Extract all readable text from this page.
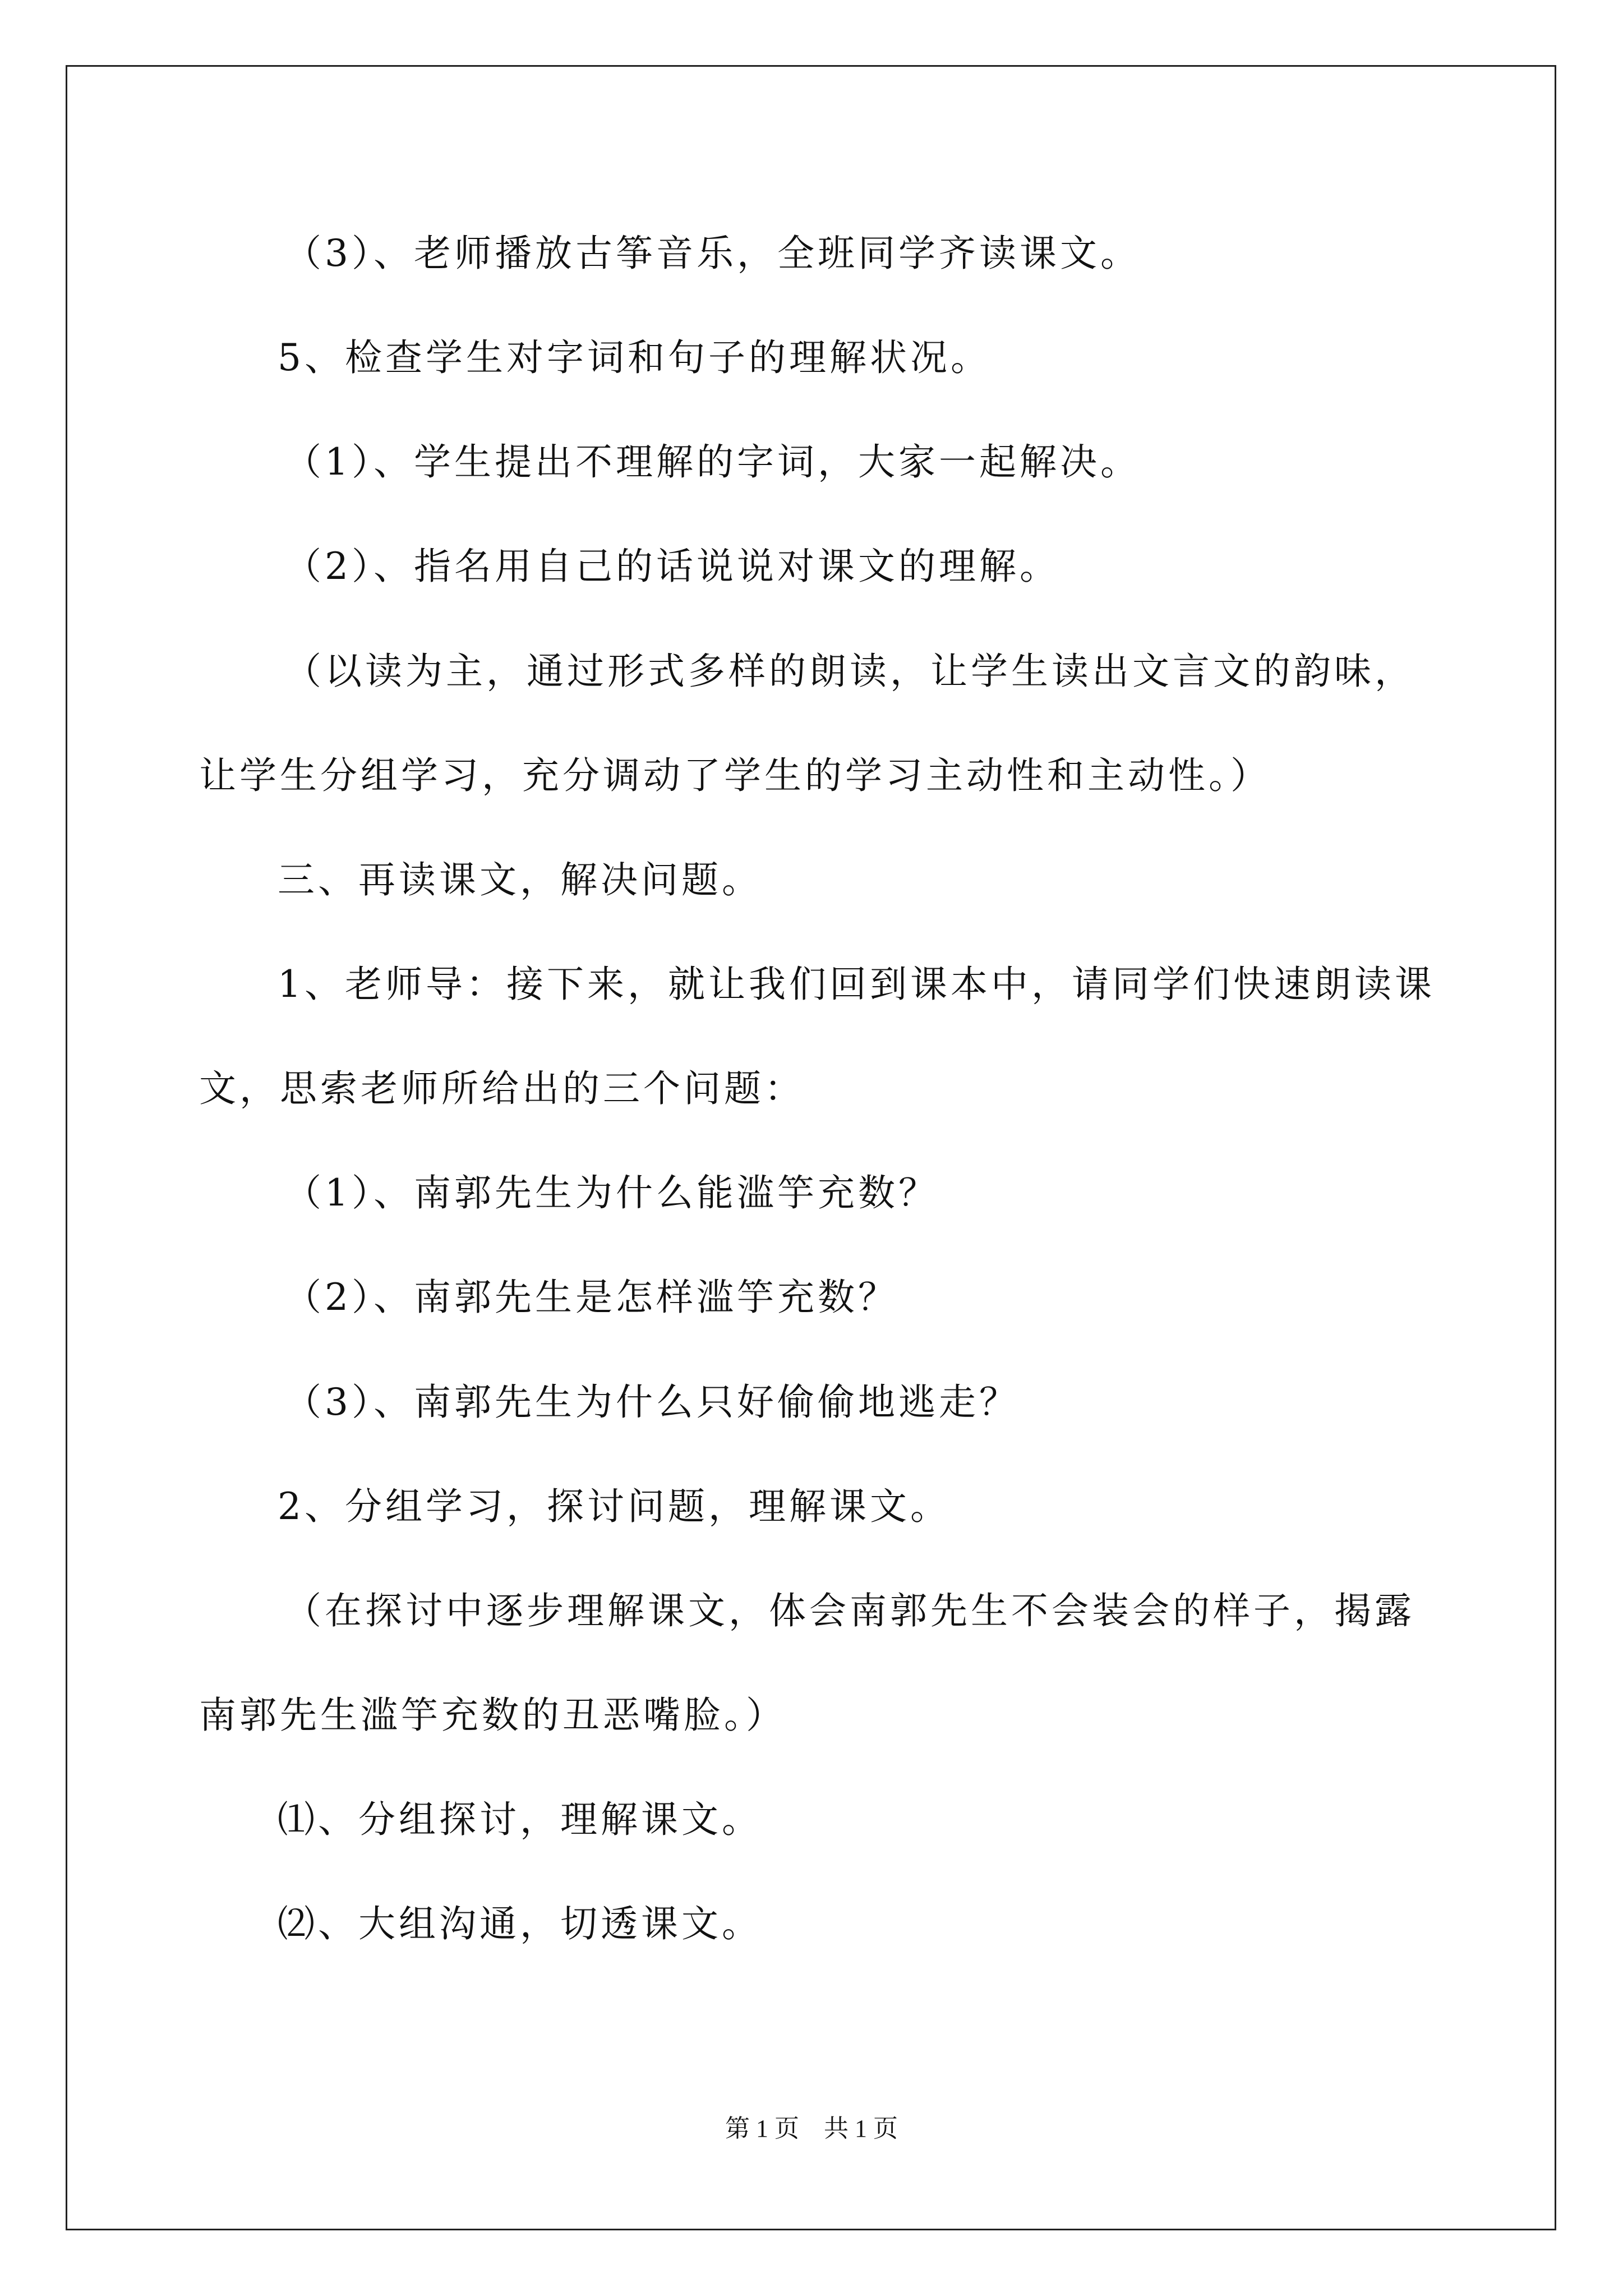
（3）、老师播放古筝音乐，全班同学齐读课文。
5、检查学生对字词和句子的理解状况。
（1）、学生提出不理解的字词，大家一起解决。
（2）、指名用自己的话说说对课文的理解。
（以读为主，通过形式多样的朗读，让学生读出文言文的韵味，
让学生分组学习，充分调动了学生的学习主动性和主动性。）
三、再读课文，解决问题。
1、老师导：接下来，就让我们回到课本中，请同学们快速朗读课
文，思索老师所给出的三个问题：
（1）、南郭先生为什么能滥竽充数？
（2）、南郭先生是怎样滥竽充数？
（3）、南郭先生为什么只好偷偷地逃走？
2、分组学习，探讨问题，理解课文。
（在探讨中逐步理解课文，体会南郭先生不会装会的样子，揭露
南郭先生滥竽充数的丑恶嘴脸。）
⑴、分组探讨，理解课文。
⑵、大组沟通，切透课文。
第 1 页　共 1 页
